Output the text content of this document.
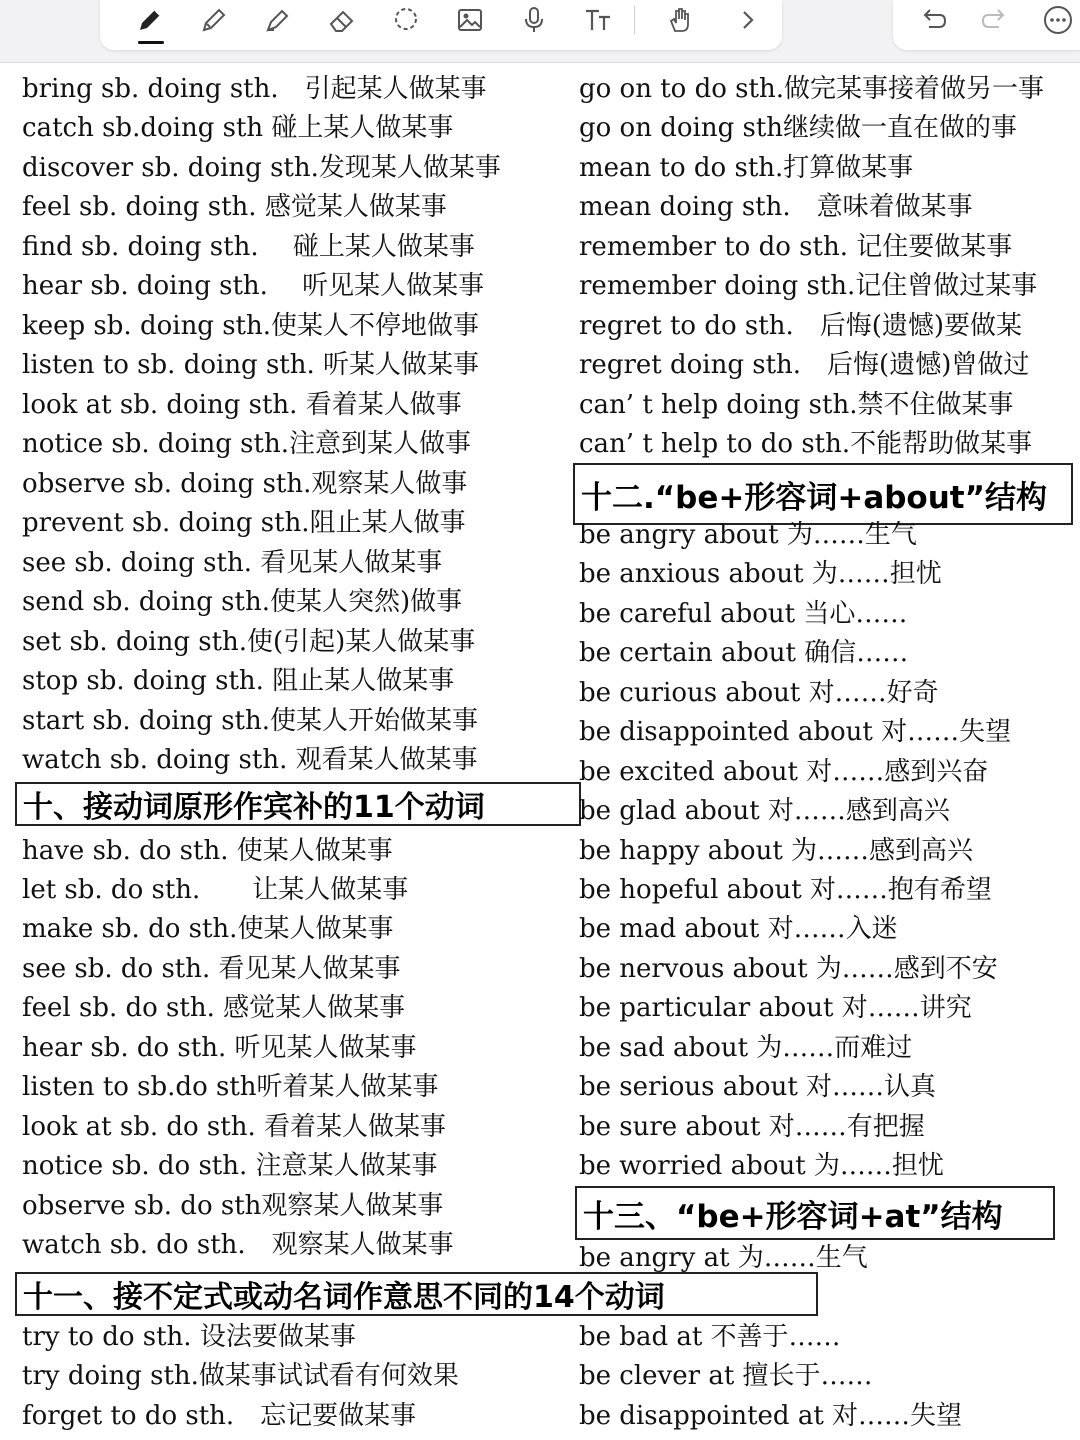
bring sb. doing sth.　引起某人做某事
catch sb.doing sth 碰上某人做某事
discover sb. doing sth.发现某人做某事
feel sb. doing sth. 感觉某人做某事
find sb. doing sth.　 碰上某人做某事
hear sb. doing sth.　 听见某人做某事
keep sb. doing sth.使某人不停地做事
listen to sb. doing sth. 听某人做某事
look at sb. doing sth. 看着某人做事
notice sb. doing sth.注意到某人做事
observe sb. doing sth.观察某人做事
prevent sb. doing sth.阻止某人做事
see sb. doing sth. 看见某人做某事
send sb. doing sth.使某人突然)做事
set sb. doing sth.使(引起)某人做某事
stop sb. doing sth. 阻止某人做某事
start sb. doing sth.使某人开始做某事
watch sb. doing sth. 观看某人做某事
十、接动词原形作宾补的11个动词
have sb. do sth. 使某人做某事
let sb. do sth.　　让某人做某事
make sb. do sth.使某人做某事
see sb. do sth. 看见某人做某事
feel sb. do sth. 感觉某人做某事
hear sb. do sth. 听见某人做某事
listen to sb.do sth听着某人做某事
look at sb. do sth. 看着某人做某事
notice sb. do sth. 注意某人做某事
observe sb. do sth观察某人做某事
watch sb. do sth.　观察某人做某事
十一、接不定式或动名词作意思不同的14个动词
try to do sth. 设法要做某事
try doing sth.做某事试试看有何效果
forget to do sth.　忘记要做某事
go on to do sth.做完某事接着做另一事
go on doing sth继续做一直在做的事
mean to do sth.打算做某事
mean doing sth.　意味着做某事
remember to do sth. 记住要做某事
remember doing sth.记住曾做过某事
regret to do sth.　后悔(遗憾)要做某
regret doing sth.　后悔(遗憾)曾做过
can’ t help doing sth.禁不住做某事
can’ t help to do sth.不能帮助做某事
十二.“be+形容词+about”结构
be angry about 为……生气
be anxious about 为……担忧
be careful about 当心……
be certain about 确信……
be curious about 对……好奇
be disappointed about 对……失望
be excited about 对……感到兴奋
be glad about 对……感到高兴
be happy about 为……感到高兴
be hopeful about 对……抱有希望
be mad about 对……入迷
be nervous about 为……感到不安
be particular about 对……讲究
be sad about 为……而难过
be serious about 对……认真
be sure about 对……有把握
be worried about 为……担忧
十三、“be+形容词+at”结构
be angry at 为……生气
be bad at 不善于……
be clever at 擅长于……
be disappointed at 对……失望
